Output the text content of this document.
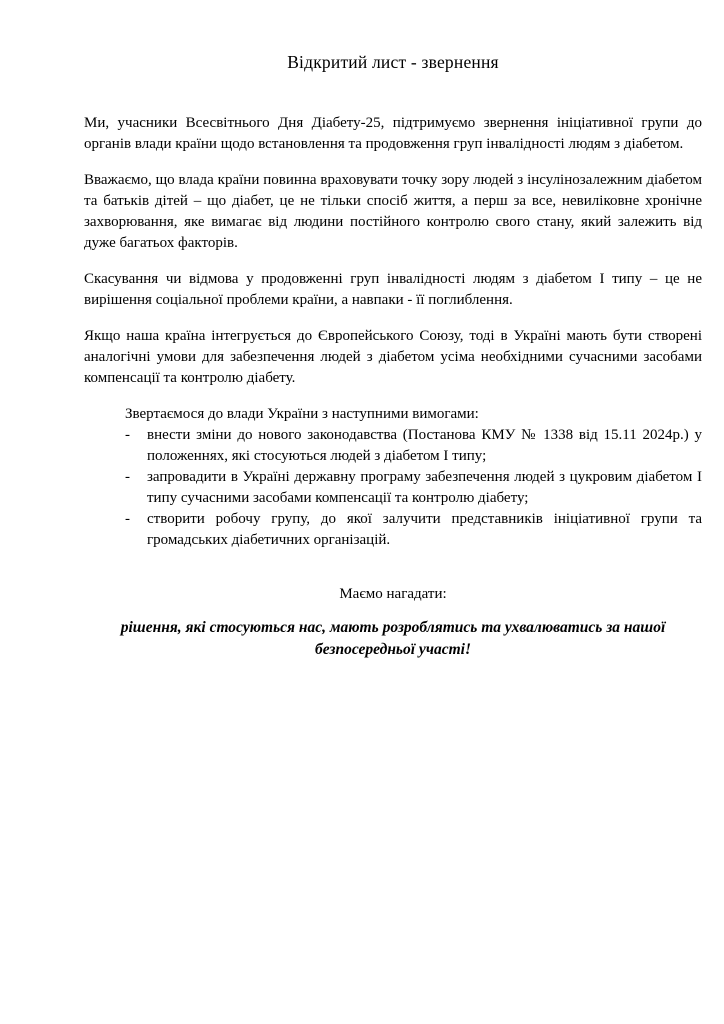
Відкритий лист - звернення

Ми, учасники Всесвітнього Дня Діабету-25, підтримуємо звернення ініціативної групи до органів влади країни щодо встановлення та продовження груп інвалідності людям з діабетом.

Вважаємо, що влада країни повинна враховувати точку зору людей з інсулінозалежним діабетом та батьків дітей – що діабет, це не тільки спосіб життя, а перш за все, невиліковне хронічне захворювання, яке вимагає від людини постійного контролю свого стану, який залежить від дуже багатьох факторів.

Скасування чи відмова у продовженні груп інвалідності людям з діабетом І типу – це не вирішення соціальної проблеми країни, а навпаки - її поглиблення.

Якщо наша країна інтегрується до Європейського Союзу, тоді в Україні мають бути створені аналогічні умови для забезпечення людей з діабетом усіма необхідними сучасними засобами компенсації та контролю діабету.

Звертаємося до влади України з наступними вимогами:

-	внести зміни до нового законодавства (Постанова КМУ № 1338 від 15.11 2024р.) у положеннях, які стосуються людей з діабетом І типу;
-	запровадити в Україні державну програму забезпечення людей з цукровим діабетом І типу сучасними засобами компенсації та контролю діабету;
-	створити робочу групу, до якої залучити представників ініціативної групи та громадських діабетичних організацій.

Маємо нагадати:

рішення, які стосуються нас, мають розроблятись та ухвалюватись за нашої безпосередньої участі!
